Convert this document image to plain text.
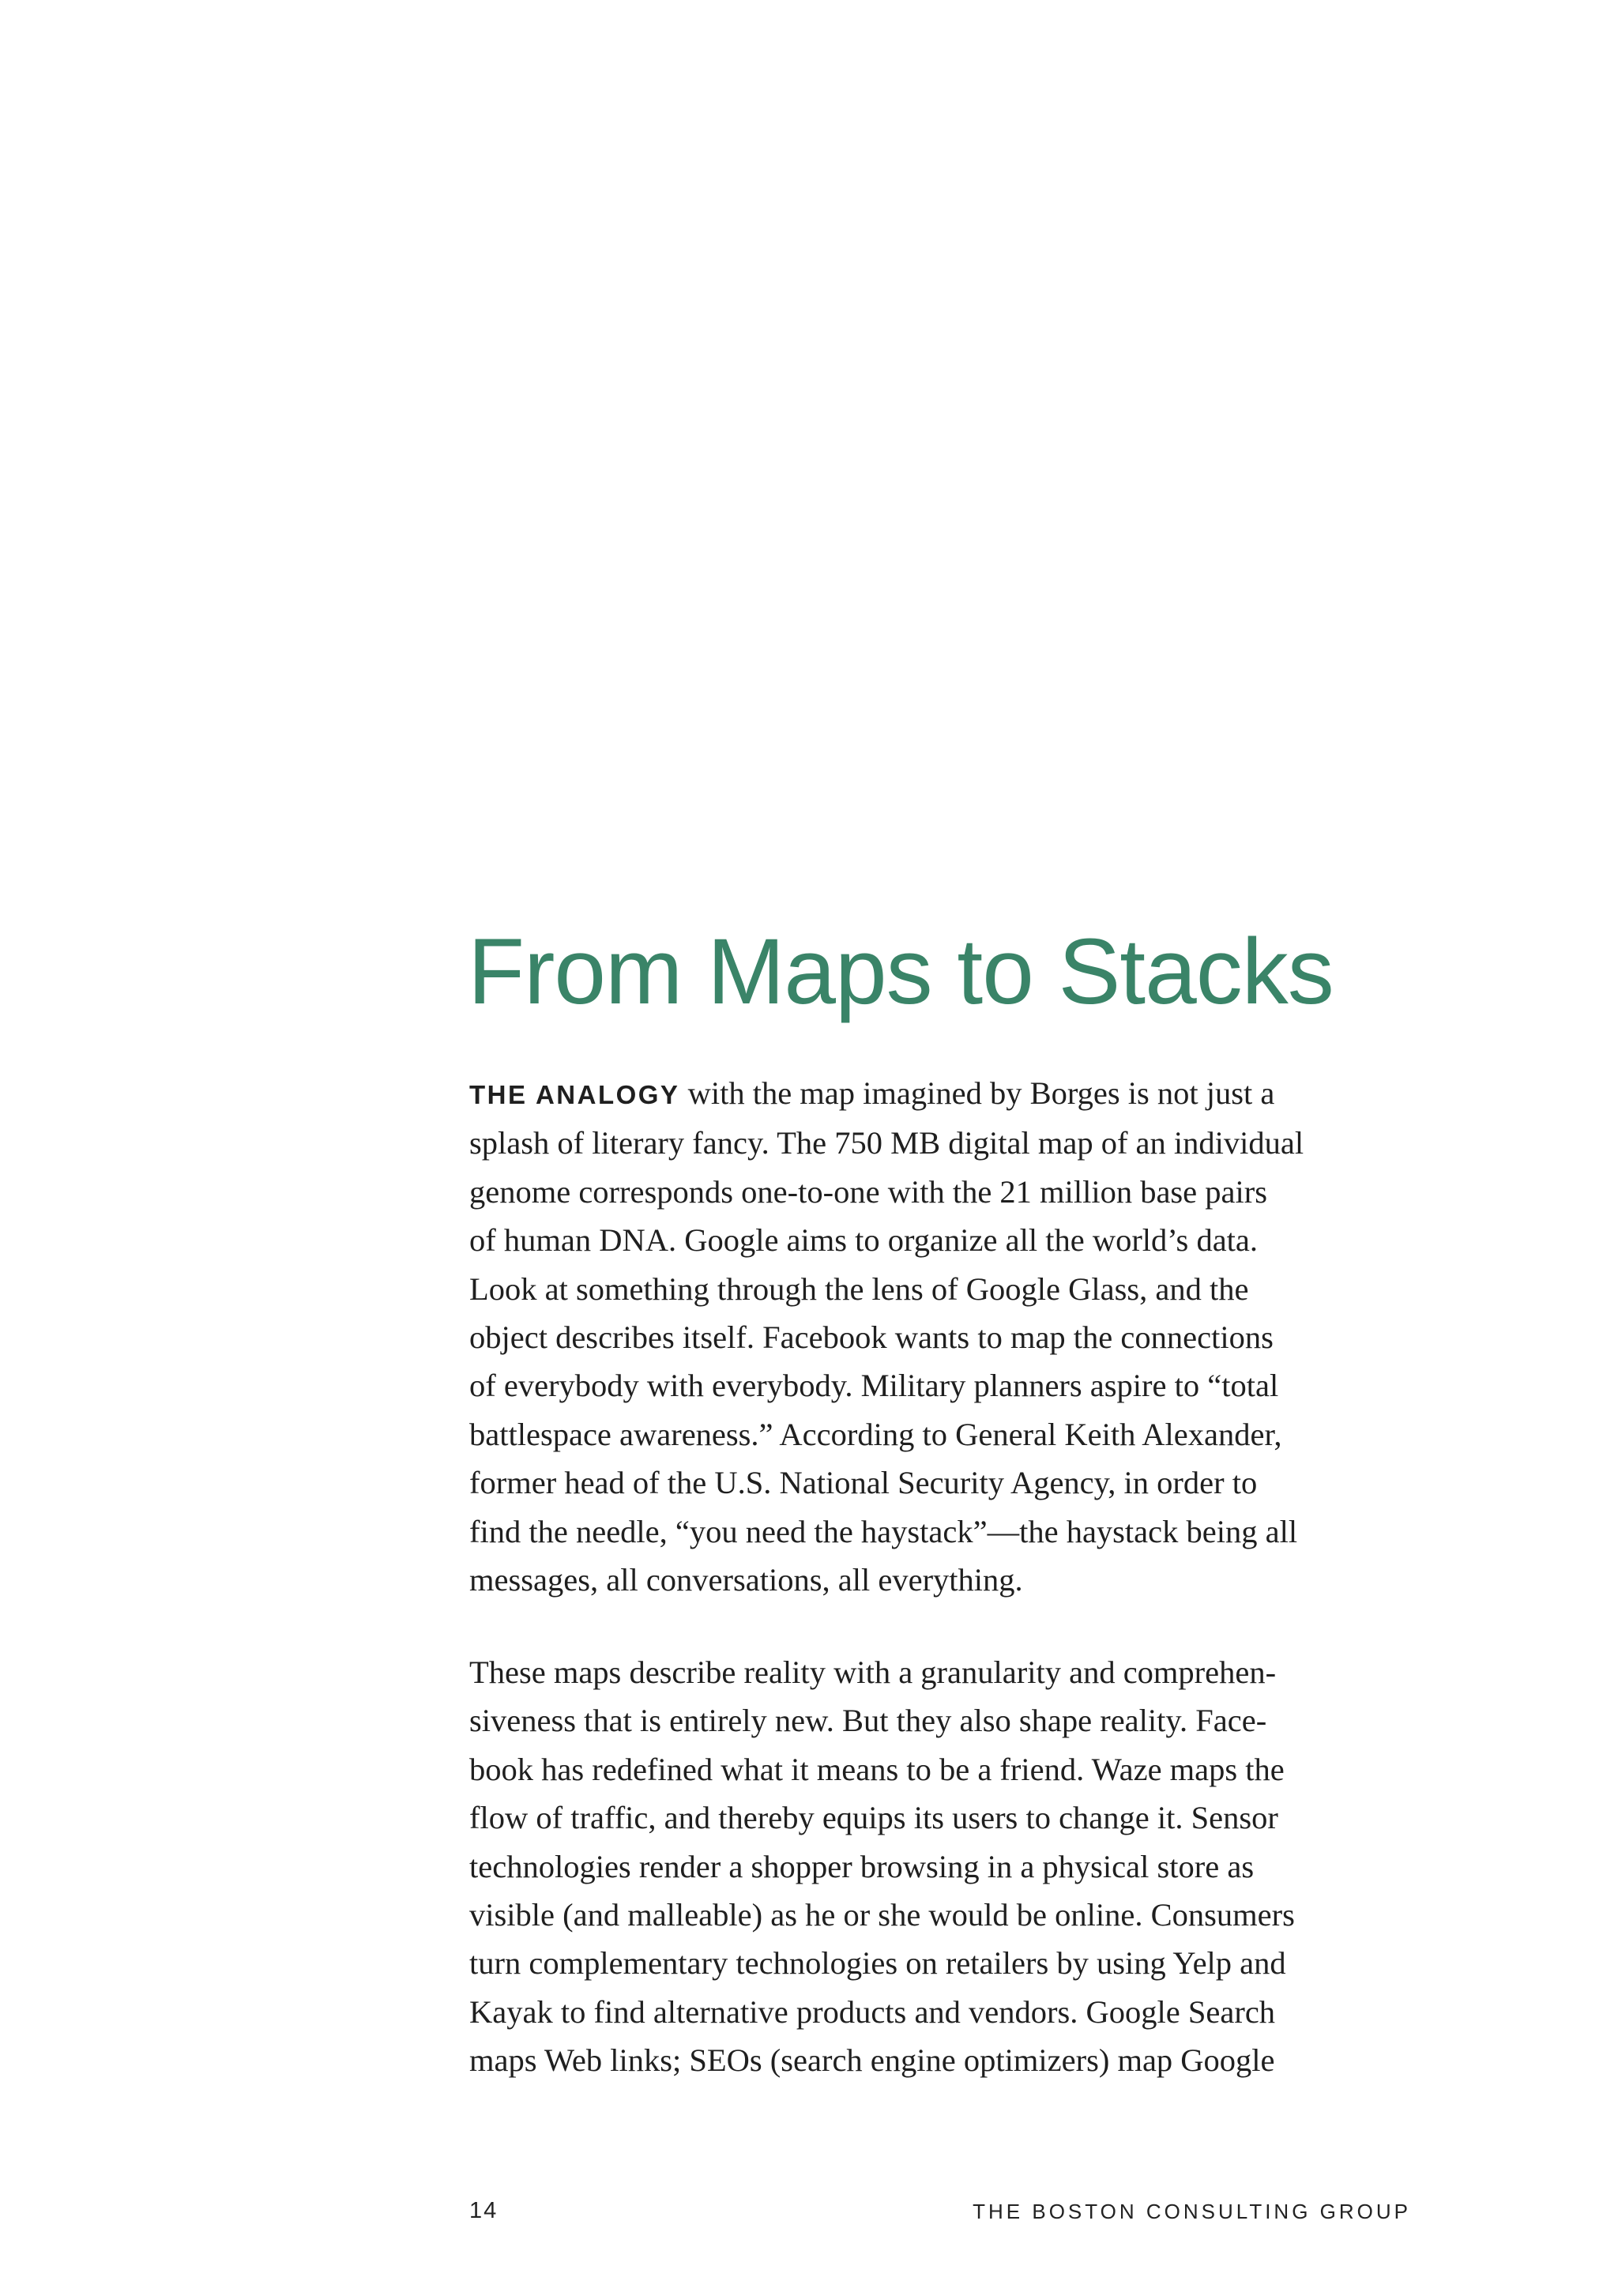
From Maps to Stacks
THE ANALOGY with the map imagined by Borges is not just a
splash of literary fancy. The 750 MB digital map of an individual
genome corresponds one-to-one with the 21 million base pairs
of human DNA. Google aims to organize all the world’s data.
Look at something through the lens of Google Glass, and the
object describes itself. Facebook wants to map the connections
of everybody with everybody. Military planners aspire to “total
battlespace awareness.” According to General Keith Alexander,
former head of the U.S. National Security Agency, in order to
find the needle, “you need the haystack”—the haystack being all
messages, all conversations, all everything.
These maps describe reality with a granularity and comprehen-
siveness that is entirely new. But they also shape reality. Face-
book has redefined what it means to be a friend. Waze maps the
flow of traffic, and thereby equips its users to change it. Sensor
technologies render a shopper browsing in a physical store as
visible (and malleable) as he or she would be online. Consumers
turn complementary technologies on retailers by using Yelp and
Kayak to find alternative products and vendors. Google Search
maps Web links; SEOs (search engine optimizers) map Google
14	THE BOSTON CONSULTING GROUP
